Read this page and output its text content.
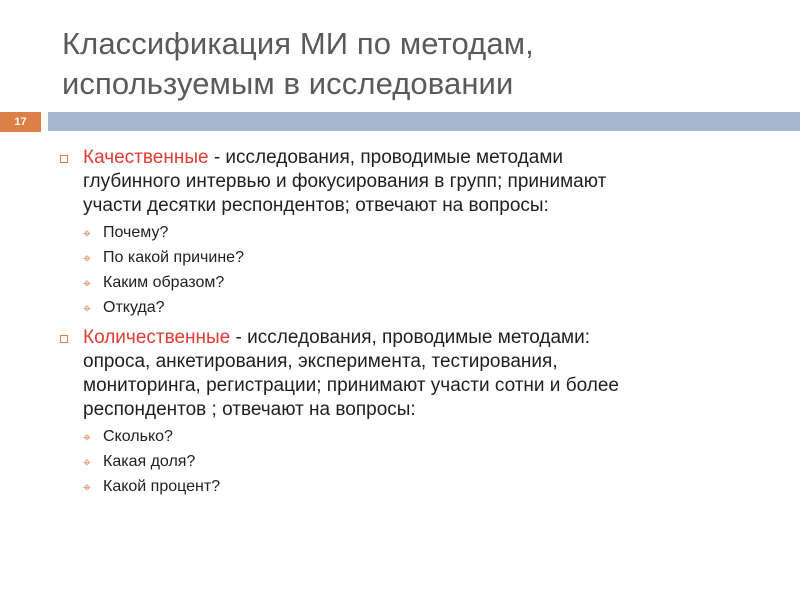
Классификация МИ по методам,
используемым в исследовании
17
Качественные - исследования, проводимые методами
глубинного интервью и фокусирования в групп; принимают
участи десятки респондентов; отвечают на вопросы:
⌖ Почему?
⌖ По какой причине?
⌖ Каким образом?
⌖ Откуда?
Количественные - исследования, проводимые методами:
опроса, анкетирования, эксперимента, тестирования,
мониторинга, регистрации; принимают участи сотни и более
респондентов ; отвечают на вопросы:
⌖ Сколько?
⌖ Какая доля?
⌖ Какой процент?
